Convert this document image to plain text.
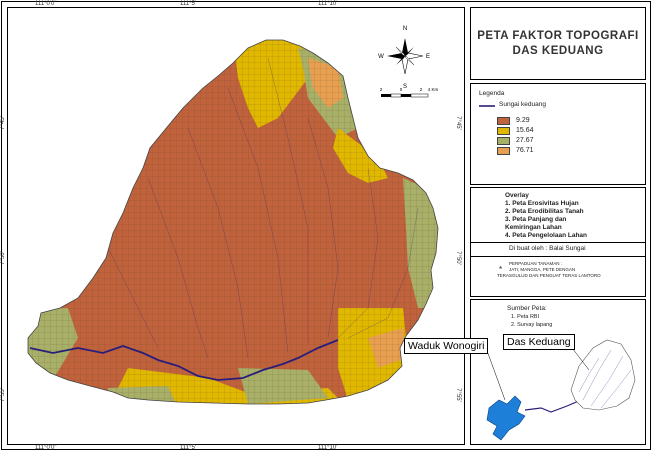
N
S
E
W
2	0	2 4 Km
111°0'0"	111°5'	111°10'
111°0'0"	111°5'	111°10'
7°45'
7°50'
7°55'
7°45'
7°50'
7°55'
PETA FAKTOR TOPOGRAFI
DAS KEDUANG
Legenda
Sungai keduang
9.29
15.64
27.67
76.71
Overlay
1. Peta Erosivitas Hujan
2. Peta Erodibilitas Tanah
3. Peta Panjang dan
Kemiringan Lahan
4. Peta Pengelolaan Lahan
Di buat oleh : Balai Sungai
*
PERPADUAN TANAMAN :
JATI, MANGGA, PETE DENGAN
TERASGULUD DAN PENGUAT TERAS LAMTORO
Sumber Peta:
1. Peta RBI
2. Survay lapang
Waduk Wonogiri	Das Keduang
